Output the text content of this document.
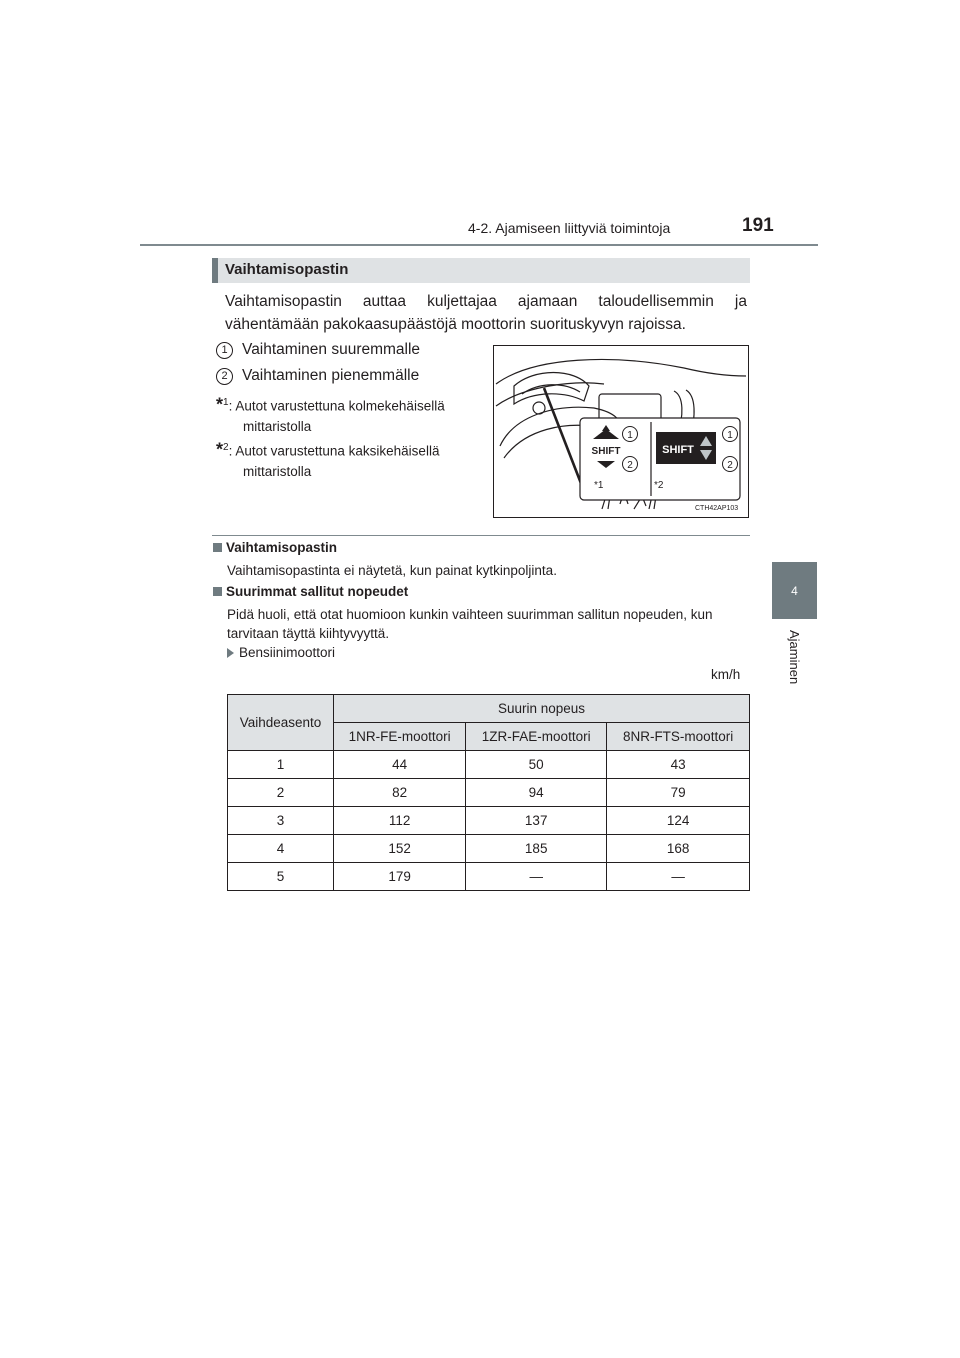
4-2. Ajamiseen liittyviä toimintoja	191
4
Ajaminen
Vaihtamisopastin
Vaihtamisopastin auttaa kuljettajaa ajamaan taloudellisemmin ja vähentämään pakokaasupäästöjä moottorin suorituskyvyn rajoissa.
1 Vaihtaminen suuremmalle
2 Vaihtaminen pienemmälle
*$^1$: Autot varustettuna kolmekehäisellä
mittaristolla
*$^2$: Autot varustettuna kaksikehäisellä
mittaristolla
SHIFT
1
2
*1
SHIFT
1
2
*2
CTH42AP103
Vaihtamisopastin
Vaihtamisopastinta ei näytetä, kun painat kytkinpoljinta.
Suurimmat sallitut nopeudet
Pidä huoli, että otat huomioon kunkin vaihteen suurimman sallitun nopeuden, kun tarvitaan täyttä kiihtyvyyttä.
Bensiinimoottori
km/h
Vaihdeasento	Suurin nopeus		
	1NR-FE-moottori	1ZR-FAE-moottori	8NR-FTS-moottori
1	44	50	43
2	82	94	79
3	112	137	124
4	152	185	168
5	179	—	—
